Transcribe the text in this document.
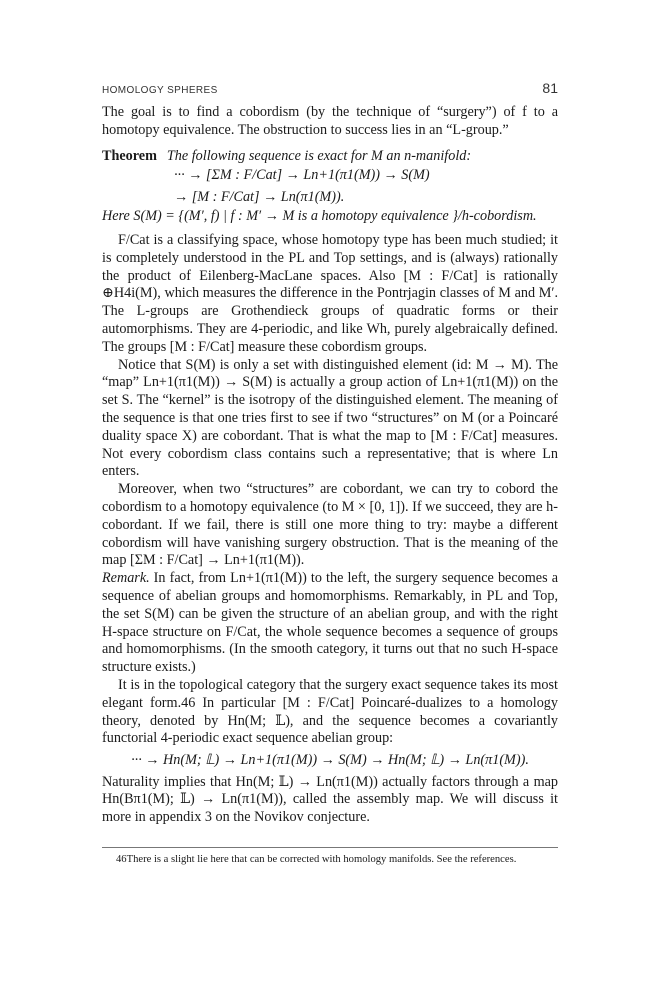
HOMOLOGY SPHERES	81

The goal is to find a cobordism (by the technique of “surgery”) of f to a homotopy equivalence. The obstruction to success lies in an “L-group.”

Theorem The following sequence is exact for M an n-manifold:

··· → [ΣM : F/Cat] → Ln+1(π1(M)) → S(M)

→ [M : F/Cat] → Ln(π1(M)).

Here S(M) = {(M′, f) | f : M′ → M is a homotopy equivalence }/h-cobordism.

F/Cat is a classifying space, whose homotopy type has been much studied; it is completely understood in the PL and Top settings, and is (always) rationally the product of Eilenberg-MacLane spaces. Also [M : F/Cat] is rationally ⊕H4i(M), which measures the difference in the Pontrjagin classes of M and M′. The L-groups are Grothendieck groups of quadratic forms or their automorphisms. They are 4-periodic, and like Wh, purely algebraically defined. The groups [M : F/Cat] measure these cobordism groups.

Notice that S(M) is only a set with distinguished element (id: M → M). The “map” Ln+1(π1(M)) → S(M) is actually a group action of Ln+1(π1(M)) on the set S. The “kernel” is the isotropy of the distinguished element. The meaning of the sequence is that one tries first to see if two “structures” on M (or a Poincaré duality space X) are cobordant. That is what the map to [M : F/Cat] measures. Not every cobordism class contains such a representative; that is where Ln enters.

Moreover, when two “structures” are cobordant, we can try to cobord the cobordism to a homotopy equivalence (to M × [0, 1]). If we succeed, they are h-cobordant. If we fail, there is still one more thing to try: maybe a different cobordism will have vanishing surgery obstruction. That is the meaning of the map [ΣM : F/Cat] → Ln+1(π1(M)).

Remark. In fact, from Ln+1(π1(M)) to the left, the surgery sequence becomes a sequence of abelian groups and homomorphisms. Remarkably, in PL and Top, the set S(M) can be given the structure of an abelian group, and with the right H-space structure on F/Cat, the whole sequence becomes a sequence of groups and homomorphisms. (In the smooth category, it turns out that no such H-space structure exists.)

It is in the topological category that the surgery exact sequence takes its most elegant form.46 In particular [M : F/Cat] Poincaré-dualizes to a homology theory, denoted by Hn(M; 𝕃), and the sequence becomes a covariantly functorial 4-periodic exact sequence abelian group:

··· → Hn(M; 𝕃) → Ln+1(π1(M)) → S(M) → Hn(M; 𝕃) → Ln(π1(M)).

Naturality implies that Hn(M; 𝕃) → Ln(π1(M)) actually factors through a map Hn(Bπ1(M); 𝕃) → Ln(π1(M)), called the assembly map. We will discuss it more in appendix 3 on the Novikov conjecture.

46There is a slight lie here that can be corrected with homology manifolds. See the references.
